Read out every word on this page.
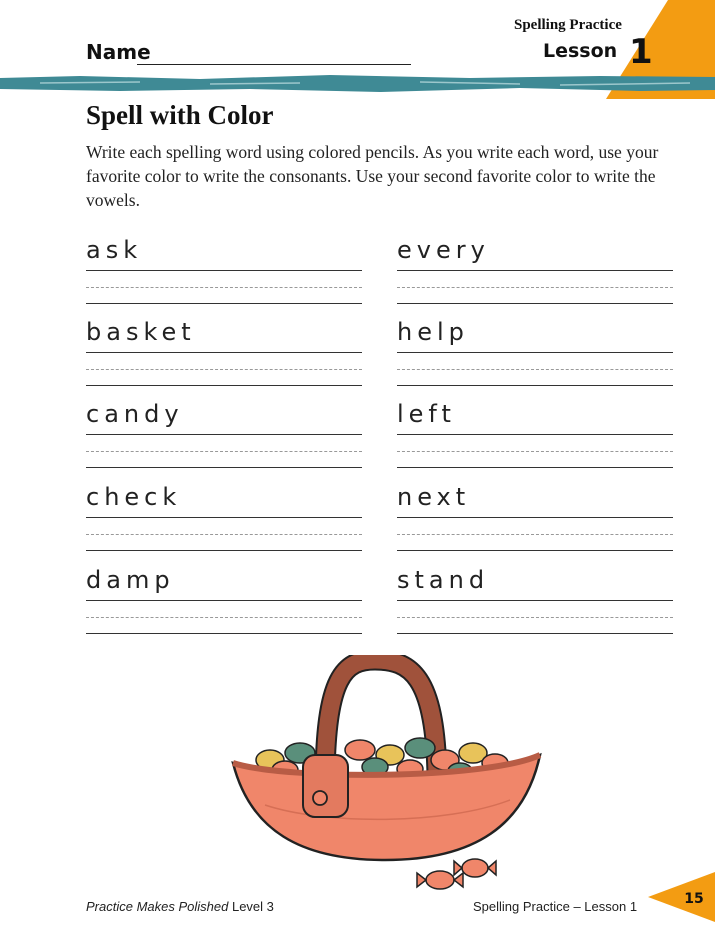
Spelling Practice
Lesson 1
Name
Spell with Color
Write each spelling word using colored pencils. As you write each word, use your favorite color to write the consonants. Use your second favorite color to write the vowels.
ask
basket
candy
check
damp
every
help
left
next
stand
Practice Makes Polished Level 3	Spelling Practice – Lesson 1	15
